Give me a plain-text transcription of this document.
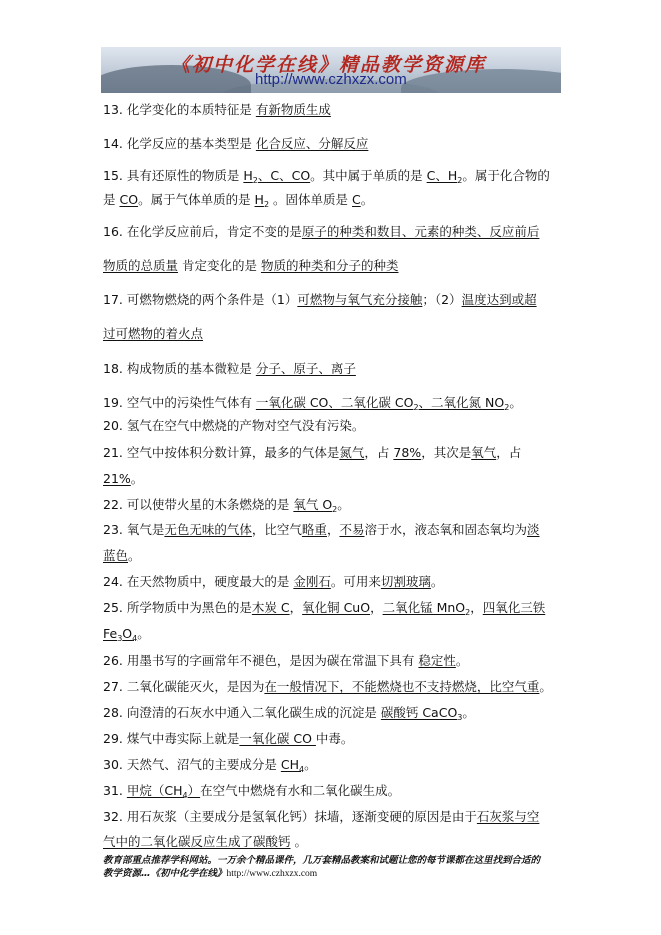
《初中化学在线》精品教学资源库
http://www.czhxzx.com
13. 化学变化的本质特征是 有新物质生成
14. 化学反应的基本类型是 化合反应、分解反应
15. 具有还原性的物质是 $H_2$、C、CO。其中属于单质的是 C、$H_2$。属于化合物的
是 CO。属于气体单质的是 $H_2$ 。固体单质是 C。
16. 在化学反应前后，肯定不变的是原子的种类和数目、元素的种类、反应前后
物质的总质量 肯定变化的是 物质的种类和分子的种类
17. 可燃物燃烧的两个条件是（1）可燃物与氧气充分接触；（2）温度达到或超
过可燃物的着火点
18. 构成物质的基本微粒是 分子、原子、离子
19. 空气中的污染性气体有 一氧化碳 CO、二氧化碳 $CO_2$、二氧化氮 $NO_2$。
20. 氢气在空气中燃烧的产物对空气没有污染。
21. 空气中按体积分数计算，最多的气体是氮气，占 78%，其次是氧气，占
21%。
22. 可以使带火星的木条燃烧的是 氧气 $O_2$。
23. 氧气是无色无味的气体，比空气略重，不易溶于水，液态氧和固态氧均为淡
蓝色。
24. 在天然物质中，硬度最大的是 金刚石。可用来切割玻璃。
25. 所学物质中为黑色的是木炭 C，氧化铜 CuO，二氧化锰 MnO$_2$，四氧化三铁
$Fe_3O_4$。
26. 用墨书写的字画常年不褪色，是因为碳在常温下具有 稳定性。
27. 二氧化碳能灭火，是因为在一般情况下，不能燃烧也不支持燃烧，比空气重。
28. 向澄清的石灰水中通入二氧化碳生成的沉淀是 碳酸钙 CaCO$_3$。
29. 煤气中毒实际上就是一氧化碳 CO 中毒。
30. 天然气、沼气的主要成分是 $CH_4$。
31. 甲烷$(CH_4)$在空气中燃烧有水和二氧化碳生成。
32. 用石灰浆（主要成分是氢氧化钙）抹墙，逐渐变硬的原因是由于石灰浆与空
气中的二氧化碳反应生成了碳酸钙 。
教育部重点推荐学科网站。一万余个精品课件，几万套精品教案和试题让您的每节课都在这里找到合适的
教学资源…《初中化学在线》http://www.czhxzx.com
